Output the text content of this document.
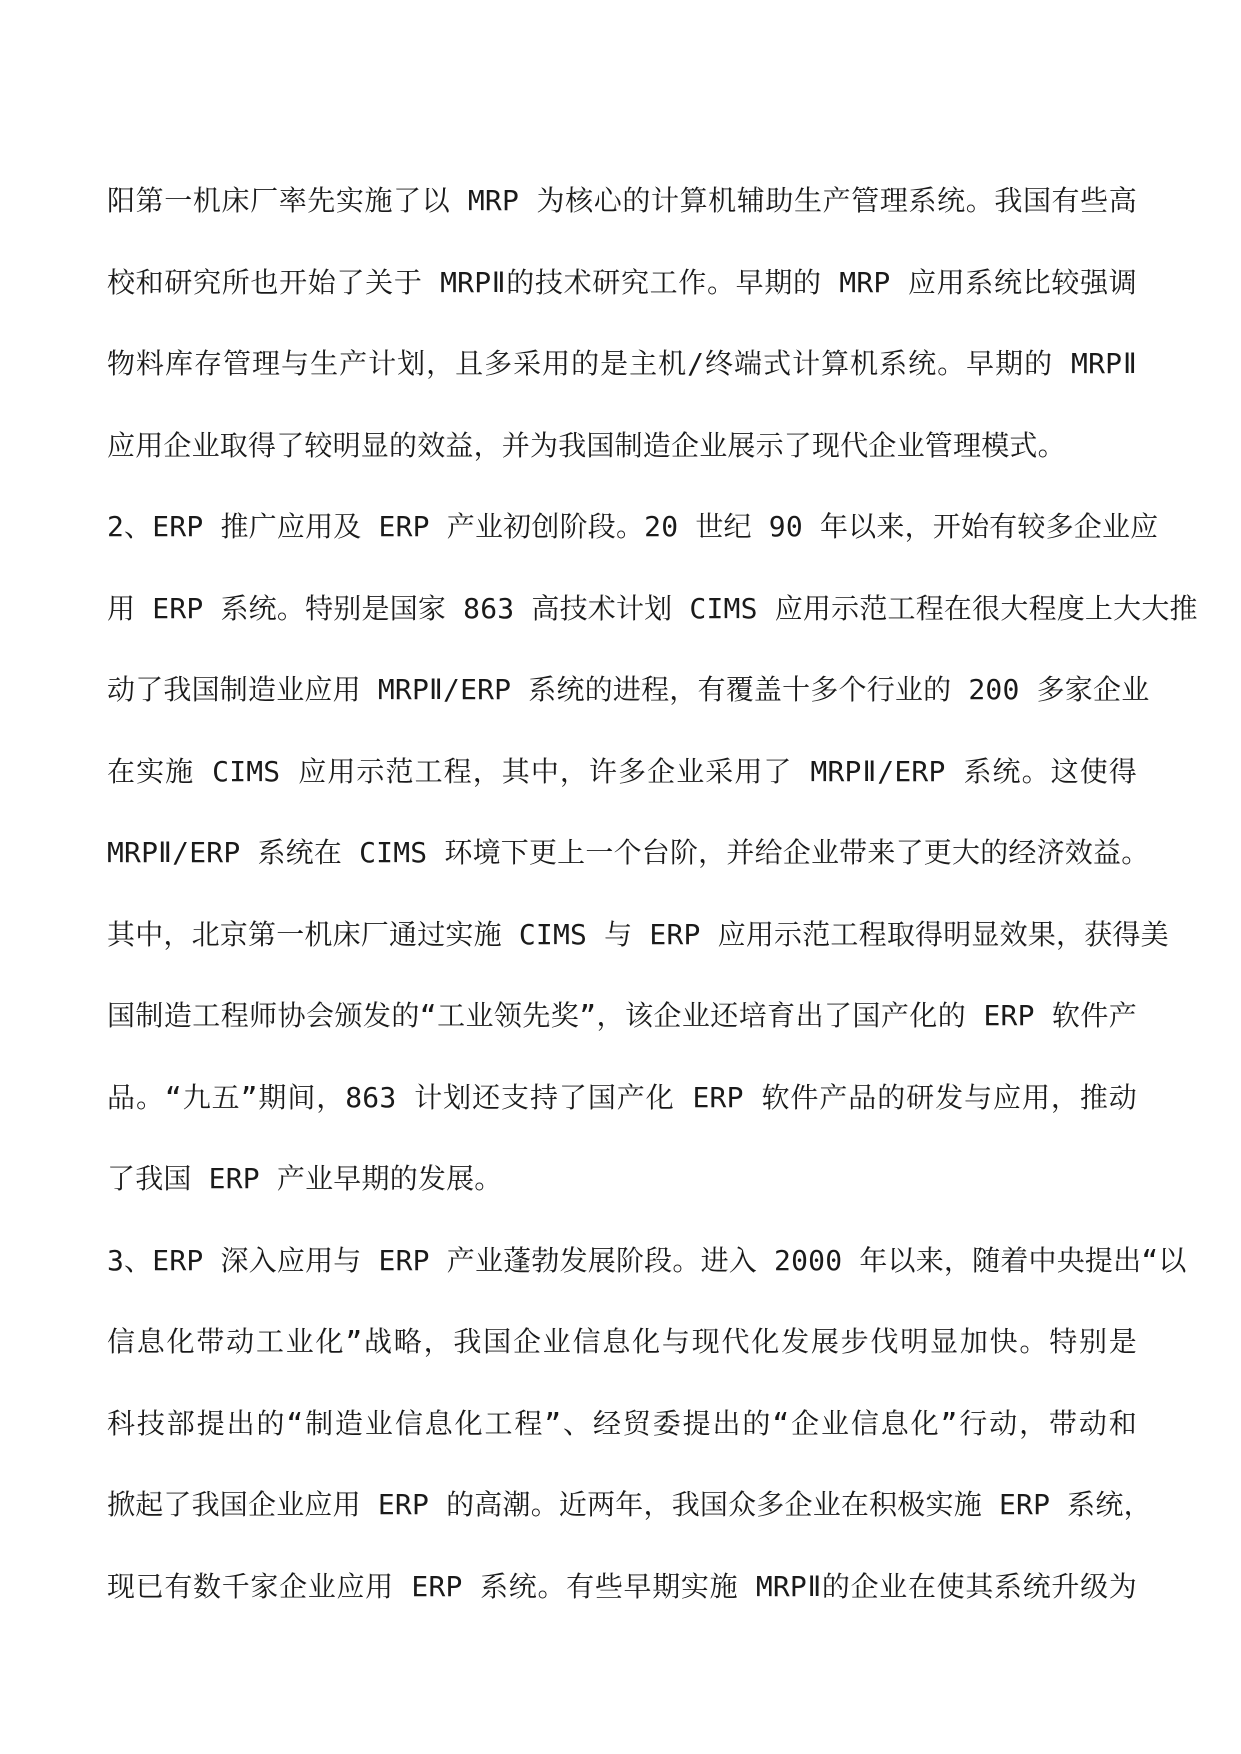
阳第一机床厂率先实施了以 MRP 为核心的计算机辅助生产管理系统。我国有些高
校和研究所也开始了关于 MRPⅡ的技术研究工作。早期的 MRP 应用系统比较强调
物料库存管理与生产计划，且多采用的是主机/终端式计算机系统。早期的 MRPⅡ
应用企业取得了较明显的效益，并为我国制造企业展示了现代企业管理模式。
2、ERP 推广应用及 ERP 产业初创阶段。20 世纪 90 年以来，开始有较多企业应
用 ERP 系统。特别是国家 863 高技术计划 CIMS 应用示范工程在很大程度上大大推
动了我国制造业应用 MRPⅡ/ERP 系统的进程，有覆盖十多个行业的 200 多家企业
在实施 CIMS 应用示范工程，其中，许多企业采用了 MRPⅡ/ERP 系统。这使得
MRPⅡ/ERP 系统在 CIMS 环境下更上一个台阶，并给企业带来了更大的经济效益。
其中，北京第一机床厂通过实施 CIMS 与 ERP 应用示范工程取得明显效果，获得美
国制造工程师协会颁发的“工业领先奖”，该企业还培育出了国产化的 ERP 软件产
品。“九五”期间，863 计划还支持了国产化 ERP 软件产品的研发与应用，推动
了我国 ERP 产业早期的发展。
3、ERP 深入应用与 ERP 产业蓬勃发展阶段。进入 2000 年以来，随着中央提出“以
信息化带动工业化”战略，我国企业信息化与现代化发展步伐明显加快。特别是
科技部提出的“制造业信息化工程”、经贸委提出的“企业信息化”行动，带动和
掀起了我国企业应用 ERP 的高潮。近两年，我国众多企业在积极实施 ERP 系统，
现已有数千家企业应用 ERP 系统。有些早期实施 MRPⅡ的企业在使其系统升级为
